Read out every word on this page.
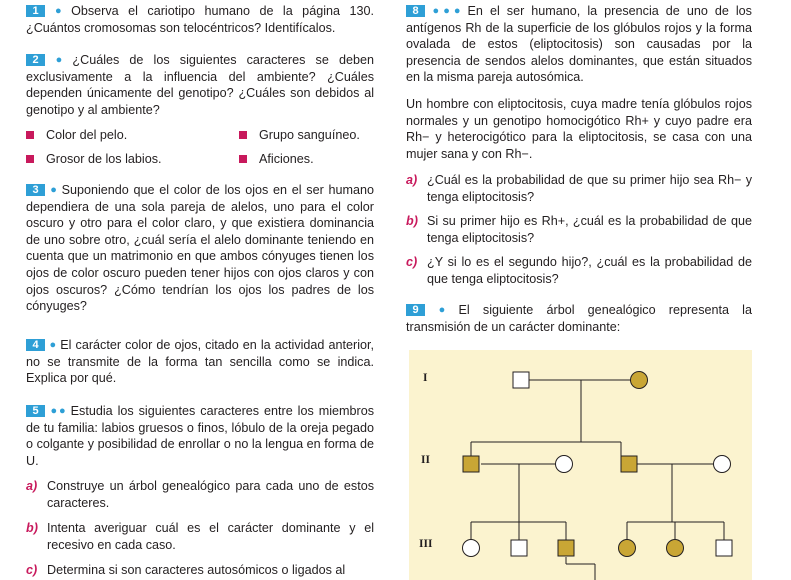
1 ● Observa el cariotipo humano de la página 130. ¿Cuántos cromosomas son telocéntricos? Identifícalos.

2 ● ¿Cuáles de los siguientes caracteres se deben exclusivamente a la influencia del ambiente? ¿Cuáles dependen únicamente del genotipo? ¿Cuáles son debidos al genotipo y al ambiente?

Color del pelo.	Grupo sanguíneo.
Grosor de los labios.	Aficiones.

3 ● Suponiendo que el color de los ojos en el ser humano dependiera de una sola pareja de alelos, uno para el color oscuro y otro para el color claro, y que existiera dominancia de uno sobre otro, ¿cuál sería el alelo dominante teniendo en cuenta que un matrimonio en que ambos cónyuges tienen los ojos de color oscuro pueden tener hijos con ojos claros y con ojos oscuros? ¿Cómo tendrían los ojos los padres de los cónyuges?

4 ● El carácter color de ojos, citado en la actividad anterior, no se transmite de la forma tan sencilla como se indica. Explica por qué.

5 ●● Estudia los siguientes caracteres entre los miembros de tu familia: labios gruesos o finos, lóbulo de la oreja pegado o colgante y posibilidad de enrollar o no la lengua en forma de U.

a) Construye un árbol genealógico para cada uno de estos caracteres.
b) Intenta averiguar cuál es el carácter dominante y el recesivo en cada caso.
c) Determina si son caracteres autosómicos o ligados al

8 ●●● En el ser humano, la presencia de uno de los antígenos Rh de la superficie de los glóbulos rojos y la forma ovalada de estos (eliptocitosis) son causadas por la presencia de sendos alelos dominantes, que están situados en la misma pareja autosómica.

Un hombre con eliptocitosis, cuya madre tenía glóbulos rojos normales y un genotipo homocigótico Rh+ y cuyo padre era Rh− y heterocigótico para la eliptocitosis, se casa con una mujer sana y con Rh−.

a) ¿Cuál es la probabilidad de que su primer hijo sea Rh− y tenga eliptocitosis?
b) Si su primer hijo es Rh+, ¿cuál es la probabilidad de que tenga eliptocitosis?
c) ¿Y si lo es el segundo hijo?, ¿cuál es la probabilidad de que tenga eliptocitosis?

9 ● El siguiente árbol genealógico representa la transmisión de un carácter dominante:

I
II
III
